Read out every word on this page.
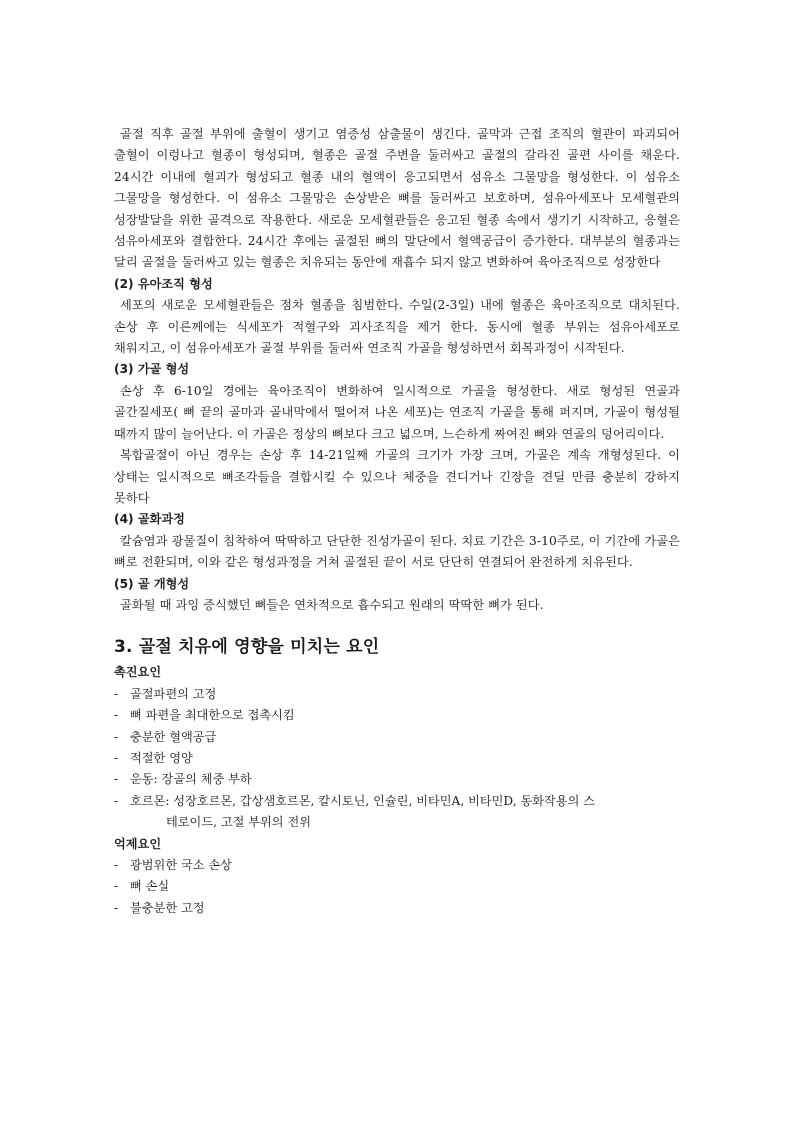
골절 직후 골절 부위에 출혈이 생기고 염증성 삼출물이 생긴다. 골막과 근접 조직의 혈관이 파괴되어 출혈이 이렁나고 혈종이 형성되며, 혈종은 골절 주변을 둘러싸고 골절의 갈라진 골편 사이를 채운다. 24시간 이내에 혈괴가 형성되고 혈종 내의 혈액이 응고되면서 섬유소 그물망을 형성한다. 이 섬유소 그물망을 형성한다. 이 섬유소 그물망은 손상받은 뼈를 둘러싸고 보호하며, 섬유아세포나 모세혈관의 성장발달을 위한 골격으로 작용한다. 새로운 모세혈관들은 응고된 혈종 속에서 생기기 시작하고, 응혈은 섬유아세포와 결합한다. 24시간 후에는 골절된 뼈의 말단에서 혈액공급이 증가한다. 대부분의 혈종과는 달리 골절을 둘러싸고 있는 혈종은 치유되는 동안에 재흡수 되지 않고 변화하여 육아조직으로 성장한다

(2) 유아조직 형성

세포의 새로운 모세혈관들은 점차 혈종을 침범한다. 수일(2-3일) 내에 혈종은 육아조직으로 대치된다. 손상 후 이른께에는 식세포가 적혈구와 괴사조직을 제거 한다. 동시에 혈종 부위는 섬유아세포로 채워지고, 이 섬유아세포가 골절 부위를 둘러싸 연조직 가골을 형성하면서 회복과정이 시작된다.

(3) 가골 형성

손상 후 6-10일 경에는 육아조직이 변화하여 일시적으로 가골을 형성한다. 새로 형성된 연골과 골간질세포( 뼈 끝의 골마과 골내막에서 떨어져 나온 세포)는 연조직 가골을 통해 퍼지며, 가골이 형성될 때까지 많이 늘어난다. 이 가골은 정상의 뼈보다 크고 넓으며, 느슨하게 짜여진 뼈와 연골의 덩어리이다.

복합골절이 아닌 경우는 손상 후 14-21일째 가골의 크기가 가장 크며, 가골은 계속 개형성된다. 이 상태는 일시적으로 뼈조각들을 결합시킬 수 있으나 체중을 견디거나 긴장을 견딜 만큼 충분히 강하지 못하다

(4) 골화과정

칼슘염과 광물질이 침착하여 딱딱하고 단단한 진성가골이 된다. 치료 기간은 3-10주로, 이 기간에 가골은 뼈로 전환되며, 이와 같은 형성과정을 거쳐 골절된 끝이 서로 단단히 연결되어 완전하게 치유된다.

(5) 골 개형성

골화될 때 과잉 증식했던 뼈들은 연차적으로 흡수되고 원래의 딱딱한 뼈가 된다.

3. 골절 치유에 영향을 미치는 요인
촉진요인
- 골절파편의 고정
- 뼈 파편을 최대한으로 접촉시킴
- 충분한 혈액공급
- 적절한 영양
- 운동: 장골의 체중 부하
- 호르몬: 성장호르몬, 갑상샘호르몬, 칼시토닌, 인슐린, 비타민A, 비타민D, 동화작용의 스
테로이드, 고절 부위의 전위
억제요인
- 광범위한 국소 손상
- 뼈 손실
- 불충분한 고정
